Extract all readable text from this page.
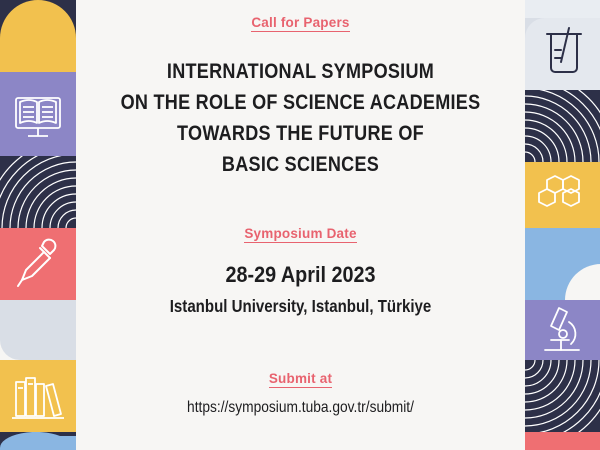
Call for Papers
INTERNATIONAL SYMPOSIUM
ON THE ROLE OF SCIENCE ACADEMIES
TOWARDS THE FUTURE OF
BASIC SCIENCES
Symposium Date
28-29 April 2023
Istanbul University, Istanbul, Türkiye
Submit at
https://symposium.tuba.gov.tr/submit/
